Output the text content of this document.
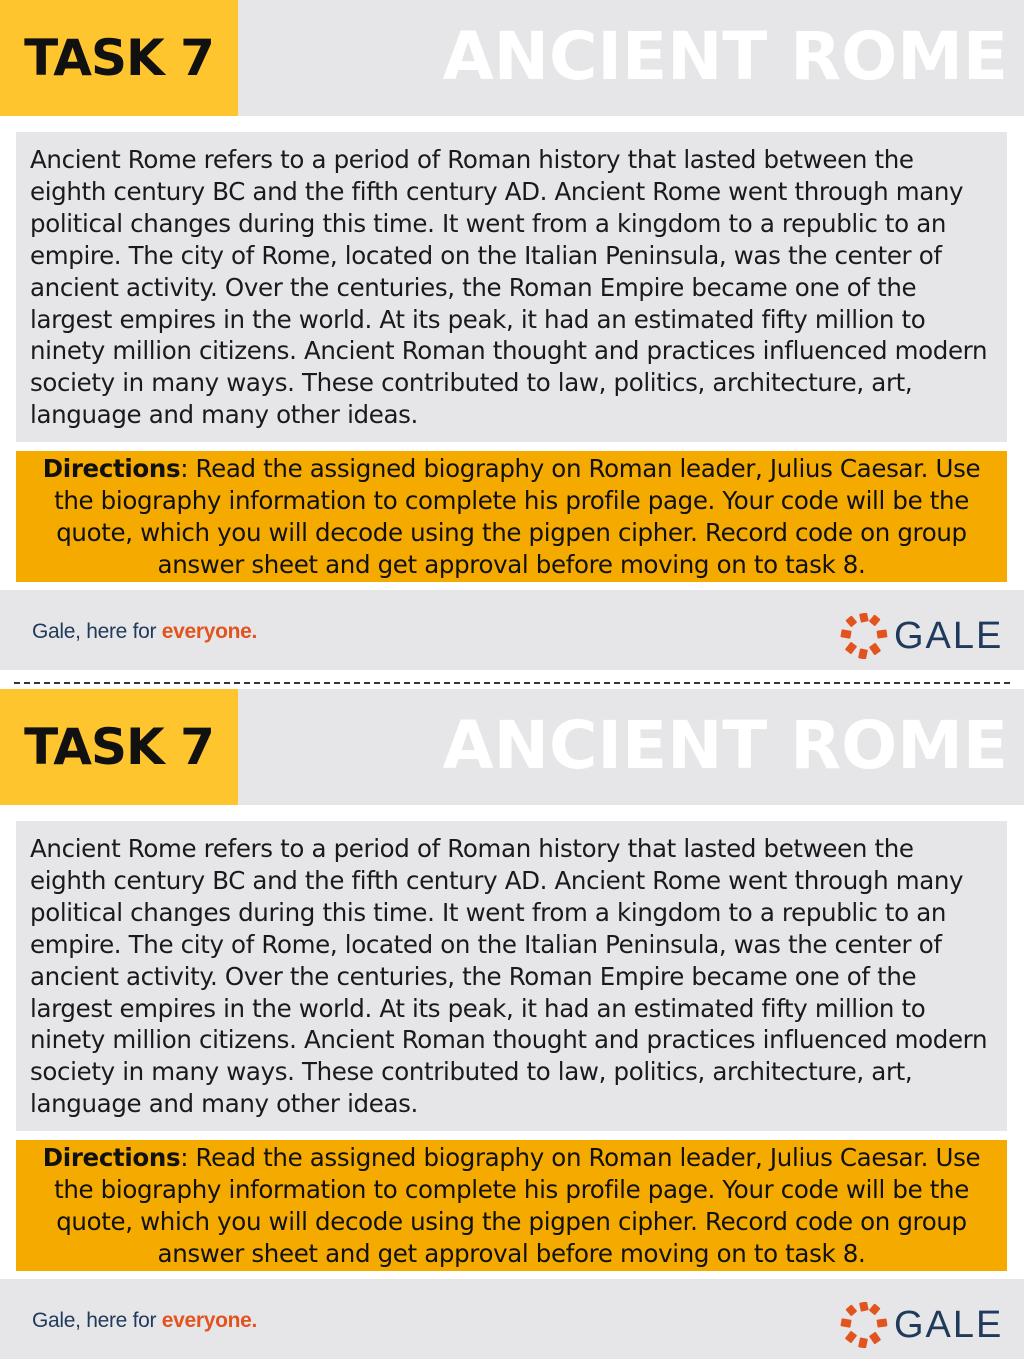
TASK 7	ANCIENT ROME

Ancient Rome refers to a period of Roman history that lasted between the eighth century BC and the fifth century AD. Ancient Rome went through many political changes during this time. It went from a kingdom to a republic to an empire. The city of Rome, located on the Italian Peninsula, was the center of ancient activity. Over the centuries, the Roman Empire became one of the largest empires in the world. At its peak, it had an estimated fifty million to ninety million citizens. Ancient Roman thought and practices influenced modern society in many ways. These contributed to law, politics, architecture, art, language and many other ideas.

Directions: Read the assigned biography on Roman leader, Julius Caesar. Use the biography information to complete his profile page. Your code will be the quote, which you will decode using the pigpen cipher. Record code on group answer sheet and get approval before moving on to task 8.

Gale, here for everyone.	GALE
TASK 7	ANCIENT ROME

Ancient Rome refers to a period of Roman history that lasted between the eighth century BC and the fifth century AD. Ancient Rome went through many political changes during this time. It went from a kingdom to a republic to an empire. The city of Rome, located on the Italian Peninsula, was the center of ancient activity. Over the centuries, the Roman Empire became one of the largest empires in the world. At its peak, it had an estimated fifty million to ninety million citizens. Ancient Roman thought and practices influenced modern society in many ways. These contributed to law, politics, architecture, art, language and many other ideas.

Directions: Read the assigned biography on Roman leader, Julius Caesar. Use the biography information to complete his profile page. Your code will be the quote, which you will decode using the pigpen cipher. Record code on group answer sheet and get approval before moving on to task 8.

Gale, here for everyone.	GALE
